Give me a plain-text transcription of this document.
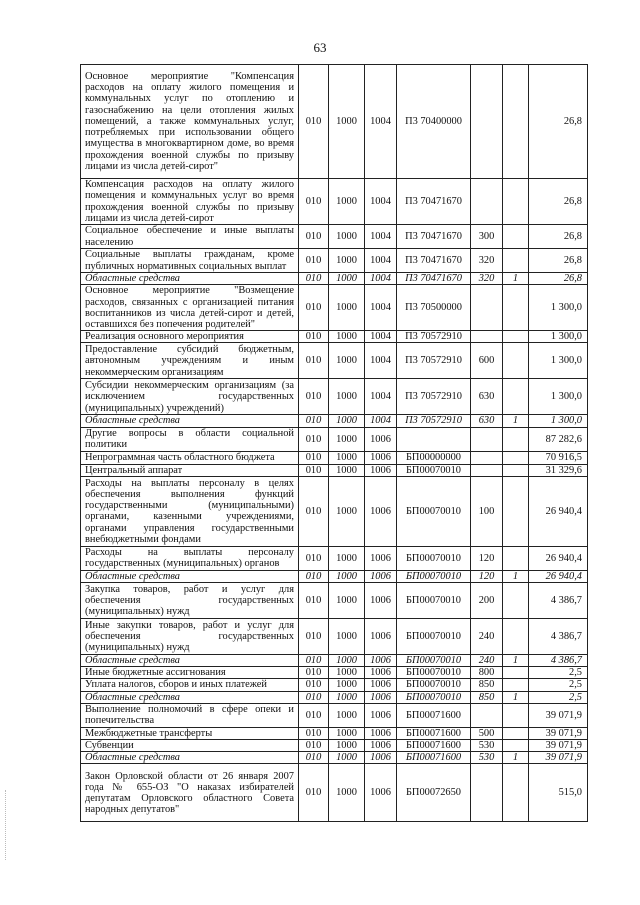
63
Основное мероприятие "Компенсация расходов на оплату жилого помещения и коммунальных услуг по отоплению и газоснабжению на цели отопления жилых помещений, а также коммунальных услуг, потребляемых при использовании общего имущества в многоквартирном доме, во время прохождения военной службы по призыву лицами из числа детей-сирот"	010	1000	1004	П3 70400000			26,8
Компенсация расходов на оплату жилого помещения и коммунальных услуг во время прохождения военной службы по призыву лицами из числа детей-сирот	010	1000	1004	П3 70471670			26,8
Социальное обеспечение и иные выплаты населению	010	1000	1004	П3 70471670	300		26,8
Социальные выплаты гражданам, кроме публичных нормативных социальных выплат	010	1000	1004	П3 70471670	320		26,8
Областные средства	010	1000	1004	П3 70471670	320	1	26,8
Основное мероприятие "Возмещение расходов, связанных с организацией питания воспитанников из числа детей-сирот и детей, оставшихся без попечения родителей"	010	1000	1004	П3 70500000			1 300,0
Реализация основного мероприятия	010	1000	1004	П3 70572910			1 300,0
Предоставление субсидий бюджетным, автономным учреждениям и иным некоммерческим организациям	010	1000	1004	П3 70572910	600		1 300,0
Субсидии некоммерческим организациям (за исключением государственных (муниципальных) учреждений)	010	1000	1004	П3 70572910	630		1 300,0
Областные средства	010	1000	1004	П3 70572910	630	1	1 300,0
Другие вопросы в области социальной политики	010	1000	1006				87 282,6
Непрограммная часть областного бюджета	010	1000	1006	БП00000000			70 916,5
Центральный аппарат	010	1000	1006	БП00070010			31 329,6
Расходы на выплаты персоналу в целях обеспечения выполнения функций государственными (муниципальными) органами, казенными учреждениями, органами управления государственными внебюджетными фондами	010	1000	1006	БП00070010	100		26 940,4
Расходы на выплаты персоналу государственных (муниципальных) органов	010	1000	1006	БП00070010	120		26 940,4
Областные средства	010	1000	1006	БП00070010	120	1	26 940,4
Закупка товаров, работ и услуг для обеспечения государственных (муниципальных) нужд	010	1000	1006	БП00070010	200		4 386,7
Иные закупки товаров, работ и услуг для обеспечения государственных (муниципальных) нужд	010	1000	1006	БП00070010	240		4 386,7
Областные средства	010	1000	1006	БП00070010	240	1	4 386,7
Иные бюджетные ассигнования	010	1000	1006	БП00070010	800		2,5
Уплата налогов, сборов и иных платежей	010	1000	1006	БП00070010	850		2,5
Областные средства	010	1000	1006	БП00070010	850	1	2,5
Выполнение полномочий в сфере опеки и попечительства	010	1000	1006	БП00071600			39 071,9
Межбюджетные трансферты	010	1000	1006	БП00071600	500		39 071,9
Субвенции	010	1000	1006	БП00071600	530		39 071,9
Областные средства	010	1000	1006	БП00071600	530	1	39 071,9
Закон Орловской области от 26 января 2007 года № 655-ОЗ "О наказах избирателей депутатам Орловского областного Совета народных депутатов"	010	1000	1006	БП00072650			515,0
